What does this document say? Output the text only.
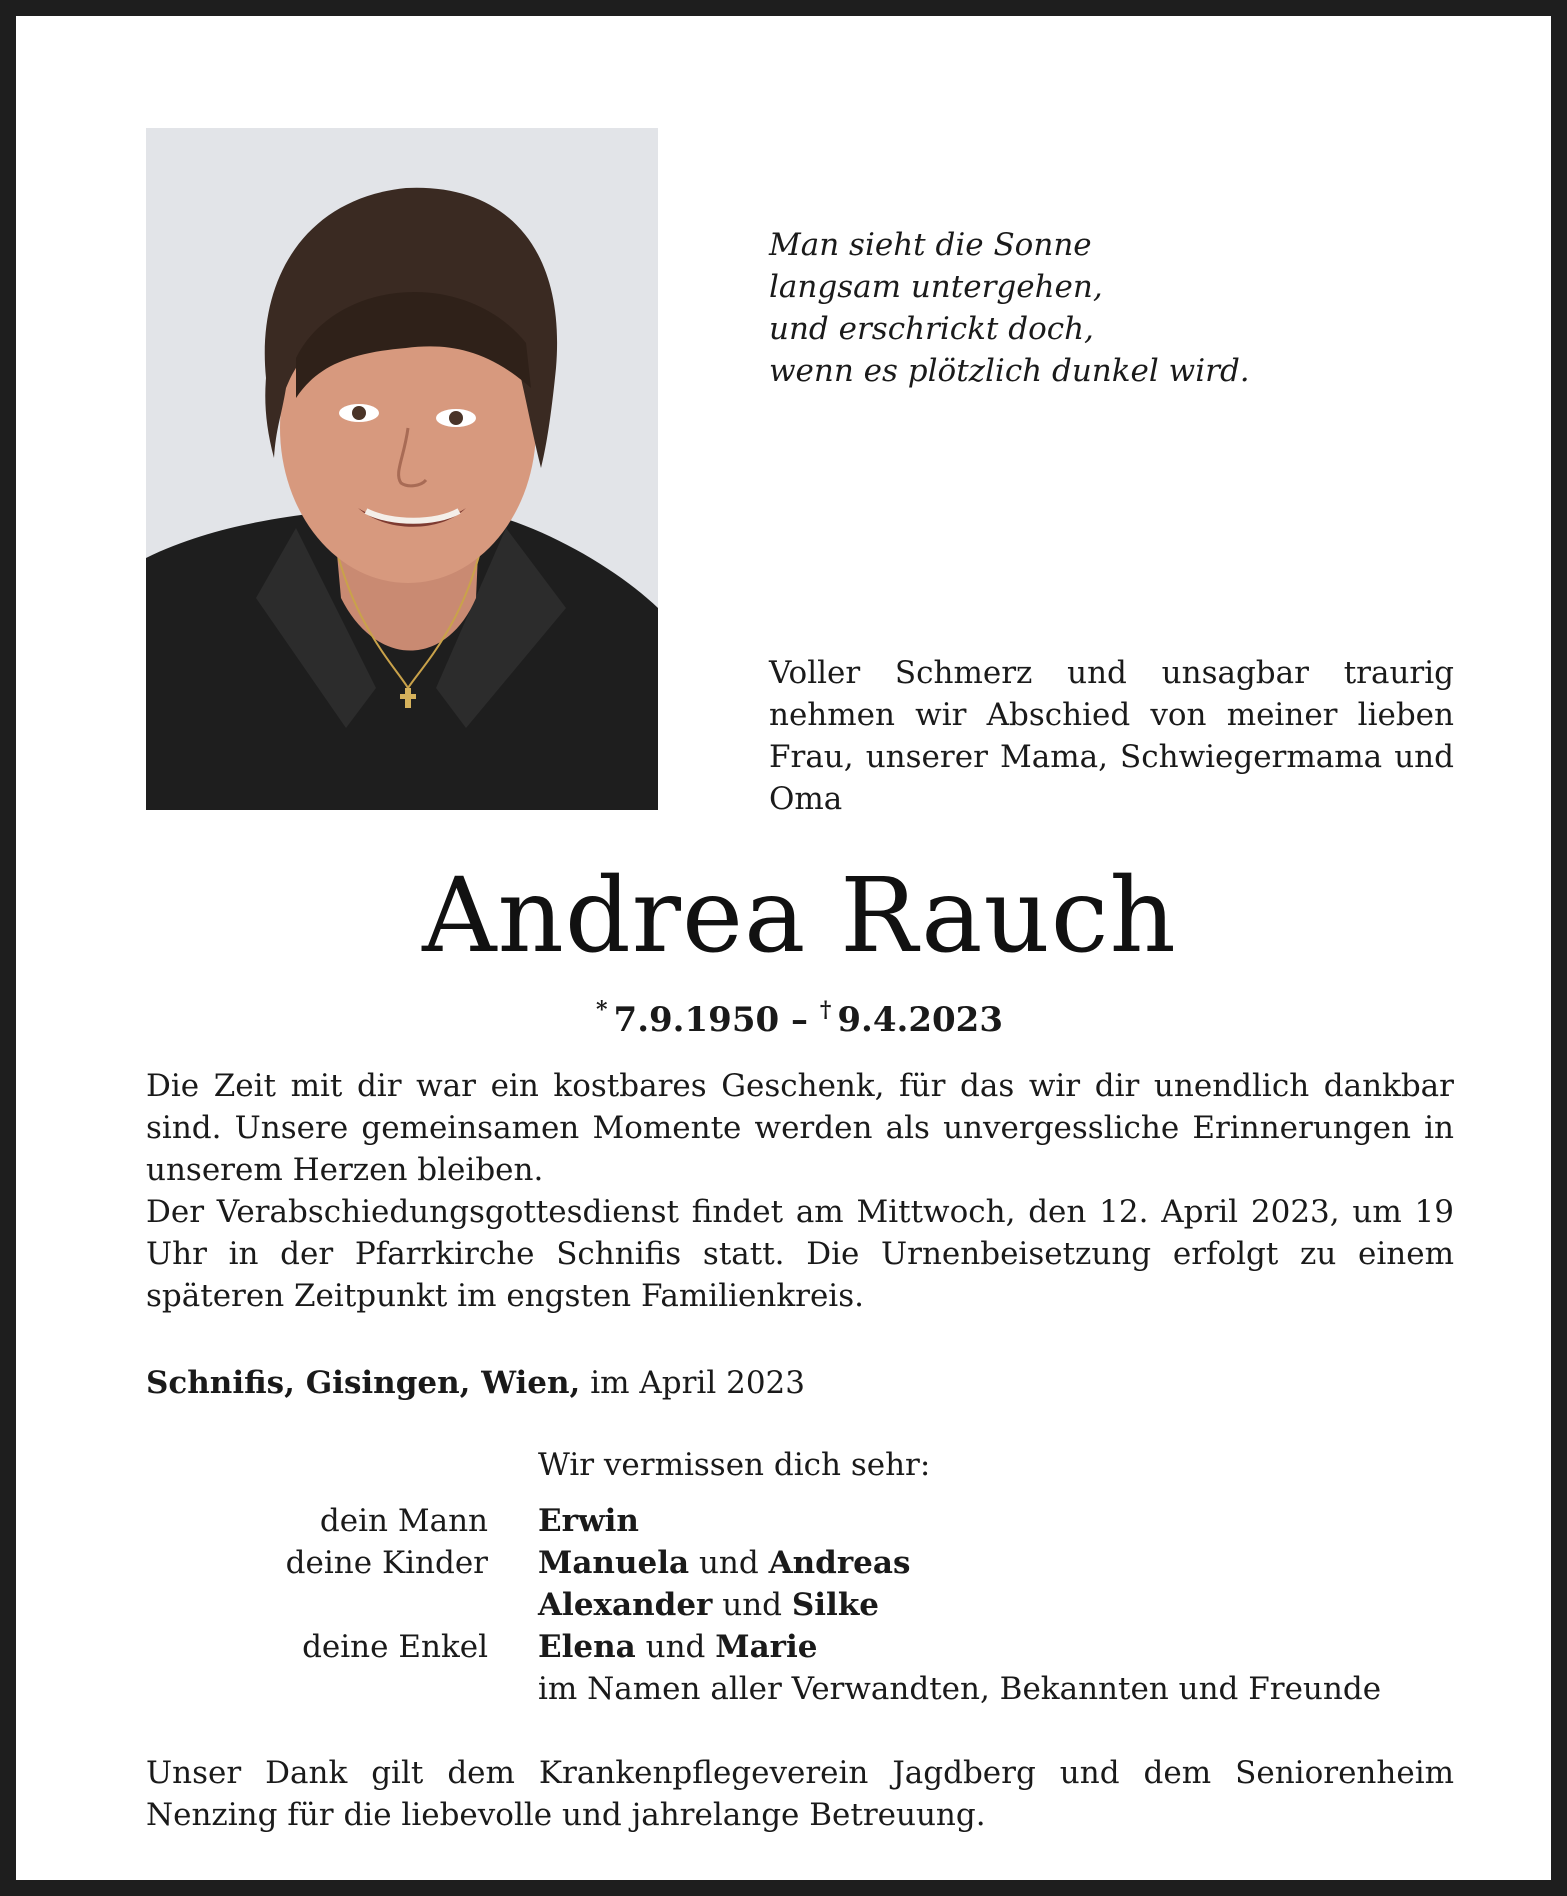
Man sieht die Sonne
langsam untergehen,
und erschrickt doch,
wenn es plötzlich dunkel wird.
Voller Schmerz und unsagbar traurig nehmen wir Abschied von meiner lieben Frau, unserer Mama, Schwiegermama und Oma
Andrea Rauch
* 7.9.1950 – † 9.4.2023

Die Zeit mit dir war ein kostbares Geschenk, für das wir dir unendlich dankbar sind. Unsere gemeinsamen Momente werden als unvergessliche Erinnerungen in unserem Herzen bleiben.

Der Verabschiedungsgottesdienst findet am Mittwoch, den 12. April 2023, um 19 Uhr in der Pfarrkirche Schnifis statt. Die Urnenbeisetzung erfolgt zu einem späteren Zeitpunkt im engsten Familienkreis.

Schnifis, Gisingen, Wien, im April 2023
Wir vermissen dich sehr:
dein Mann Erwin
deine Kinder Manuela und Andreas
Alexander und Silke
deine Enkel Elena und Marie
im Namen aller Verwandten, Bekannten und Freunde
Unser Dank gilt dem Krankenpflegeverein Jagdberg und dem Seniorenheim Nenzing für die liebevolle und jahrelange Betreuung.
